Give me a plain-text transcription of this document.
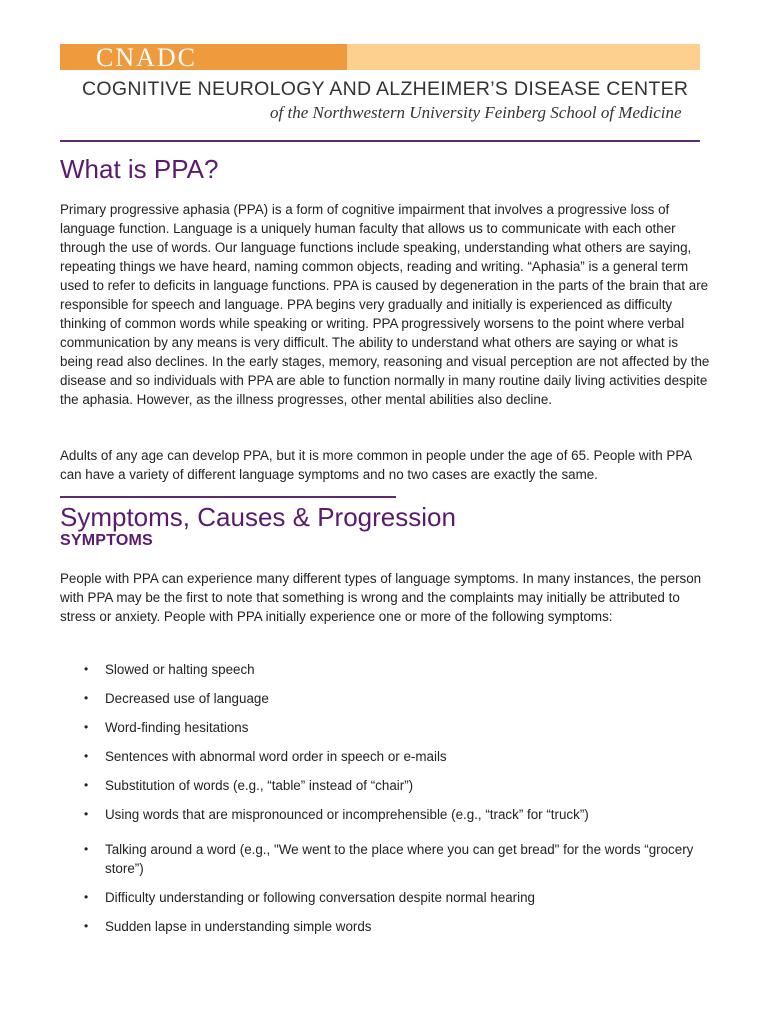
CNADC
COGNITIVE NEUROLOGY AND ALZHEIMER’S DISEASE CENTER
of the Northwestern University Feinberg School of Medicine
What is PPA?

Primary progressive aphasia (PPA) is a form of cognitive impairment that involves a progressive loss of language function. Language is a uniquely human faculty that allows us to communicate with each other through the use of words. Our language functions include speaking, understanding what others are saying, repeating things we have heard, naming common objects, reading and writing. “Aphasia” is a general term used to refer to deficits in language functions. PPA is caused by degeneration in the parts of the brain that are responsible for speech and language. PPA begins very gradually and initially is experienced as difficulty thinking of common words while speaking or writing. PPA progressively worsens to the point where verbal communication by any means is very difficult. The ability to understand what others are saying or what is being read also declines. In the early stages, memory, reasoning and visual perception are not affected by the disease and so individuals with PPA are able to function normally in many routine daily living activities despite the aphasia. However, as the illness progresses, other mental abilities also decline.

Adults of any age can develop PPA, but it is more common in people under the age of 65. People with PPA can have a variety of different language symptoms and no two cases are exactly the same.

Symptoms, Causes & Progression
SYMPTOMS

People with PPA can experience many different types of language symptoms. In many instances, the person with PPA may be the first to note that something is wrong and the complaints may initially be attributed to stress or anxiety. People with PPA initially experience one or more of the following symptoms:

• Slowed or halting speech
• Decreased use of language
• Word-finding hesitations
• Sentences with abnormal word order in speech or e-mails
• Substitution of words (e.g., “table” instead of “chair”)
• Using words that are mispronounced or incomprehensible (e.g., “track” for “truck”)
• Talking around a word (e.g., "We went to the place where you can get bread" for the words “grocery store”)
• Difficulty understanding or following conversation despite normal hearing
• Sudden lapse in understanding simple words
